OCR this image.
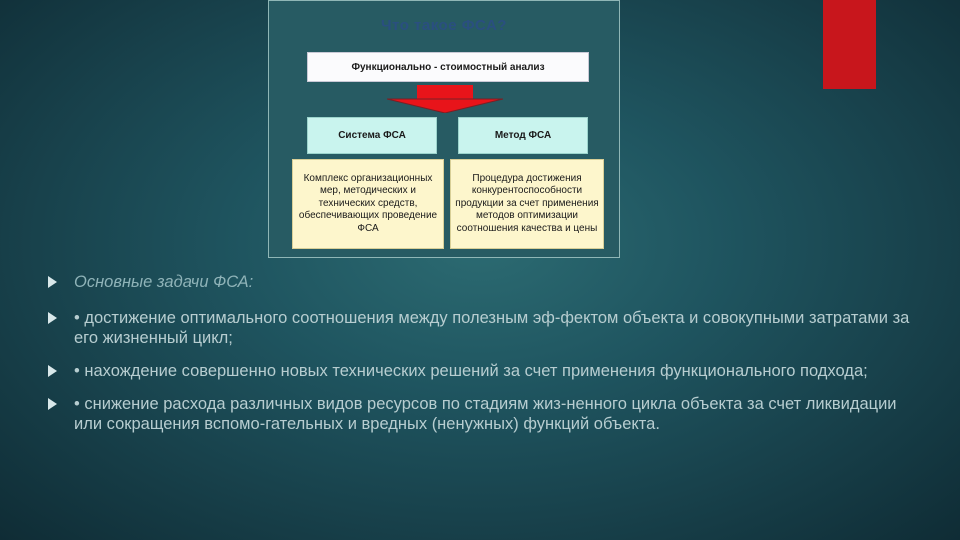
Что такое ФСА?
Функционально - стоимостный анализ
Система ФСА	Метод ФСА
Комплекс организационных мер, методических и технических средств, обеспечивающих проведение ФСА
Процедура достижения конкурентоспособности продукции за счет применения методов оптимизации соотношения качества и цены
Основные задачи ФСА:
• достижение оптимального соотношения между полезным эф-фектом объекта и совокупными затратами за его жизненный цикл;
• нахождение совершенно новых технических решений за счет применения функционального подхода;
• снижение расхода различных видов ресурсов по стадиям жиз-ненного цикла объекта за счет ликвидации или сокращения вспомо-гательных и вредных (ненужных) функций объекта.
